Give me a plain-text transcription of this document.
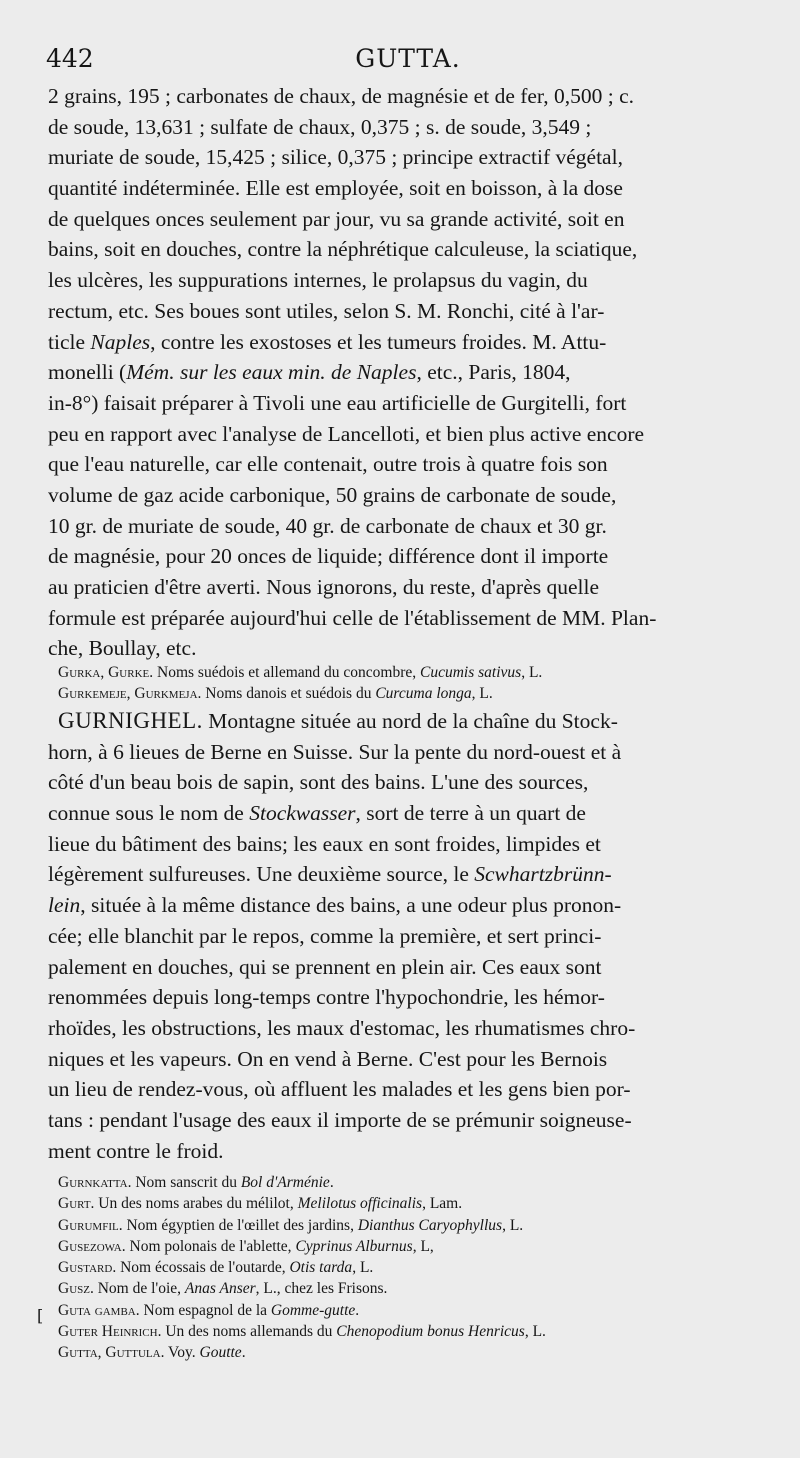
442	GUTTA.
2 grains, 195 ; carbonates de chaux, de magnésie et de fer, 0,500 ; c.
de soude, 13,631 ; sulfate de chaux, 0,375 ; s. de soude, 3,549 ;
muriate de soude, 15,425 ; silice, 0,375 ; principe extractif végétal,
quantité indéterminée. Elle est employée, soit en boisson, à la dose
de quelques onces seulement par jour, vu sa grande activité, soit en
bains, soit en douches, contre la néphrétique calculeuse, la sciatique,
les ulcères, les suppurations internes, le prolapsus du vagin, du
rectum, etc. Ses boues sont utiles, selon S. M. Ronchi, cité à l'ar-
ticle Naples, contre les exostoses et les tumeurs froides. M. Attu-
monelli (Mém. sur les eaux min. de Naples, etc., Paris, 1804,
in-8°) faisait préparer à Tivoli une eau artificielle de Gurgitelli, fort
peu en rapport avec l'analyse de Lancelloti, et bien plus active encore
que l'eau naturelle, car elle contenait, outre trois à quatre fois son
volume de gaz acide carbonique, 50 grains de carbonate de soude,
10 gr. de muriate de soude, 40 gr. de carbonate de chaux et 30 gr.
de magnésie, pour 20 onces de liquide; différence dont il importe
au praticien d'être averti. Nous ignorons, du reste, d'après quelle
formule est préparée aujourd'hui celle de l'établissement de MM. Plan-
che, Boullay, etc.
Gurka, Gurke. Noms suédois et allemand du concombre, Cucumis sativus, L.
Gurkemeje, Gurkmeja. Noms danois et suédois du Curcuma longa, L.
GURNIGHEL. Montagne située au nord de la chaîne du Stock-
horn, à 6 lieues de Berne en Suisse. Sur la pente du nord-ouest et à
côté d'un beau bois de sapin, sont des bains. L'une des sources,
connue sous le nom de Stockwasser, sort de terre à un quart de
lieue du bâtiment des bains; les eaux en sont froides, limpides et
légèrement sulfureuses. Une deuxième source, le Scwhartzbrünn-
lein, située à la même distance des bains, a une odeur plus pronon-
cée; elle blanchit par le repos, comme la première, et sert princi-
palement en douches, qui se prennent en plein air. Ces eaux sont
renommées depuis long-temps contre l'hypochondrie, les hémor-
rhoïdes, les obstructions, les maux d'estomac, les rhumatismes chro-
niques et les vapeurs. On en vend à Berne. C'est pour les Bernois
un lieu de rendez-vous, où affluent les malades et les gens bien por-
tans : pendant l'usage des eaux il importe de se prémunir soigneuse-
ment contre le froid.
Gurnkatta. Nom sanscrit du Bol d'Arménie.
Gurt. Un des noms arabes du mélilot, Melilotus officinalis, Lam.
Gurumfil. Nom égyptien de l'œillet des jardins, Dianthus Caryophyllus, L.
Gusezowa. Nom polonais de l'ablette, Cyprinus Alburnus, L,
Gustard. Nom écossais de l'outarde, Otis tarda, L.
Gusz. Nom de l'oie, Anas Anser, L., chez les Frisons.
Guta gamba. Nom espagnol de la Gomme-gutte.
Guter Heinrich. Un des noms allemands du Chenopodium bonus Henricus, L.
Gutta, Guttula. Voy. Goutte.
[
